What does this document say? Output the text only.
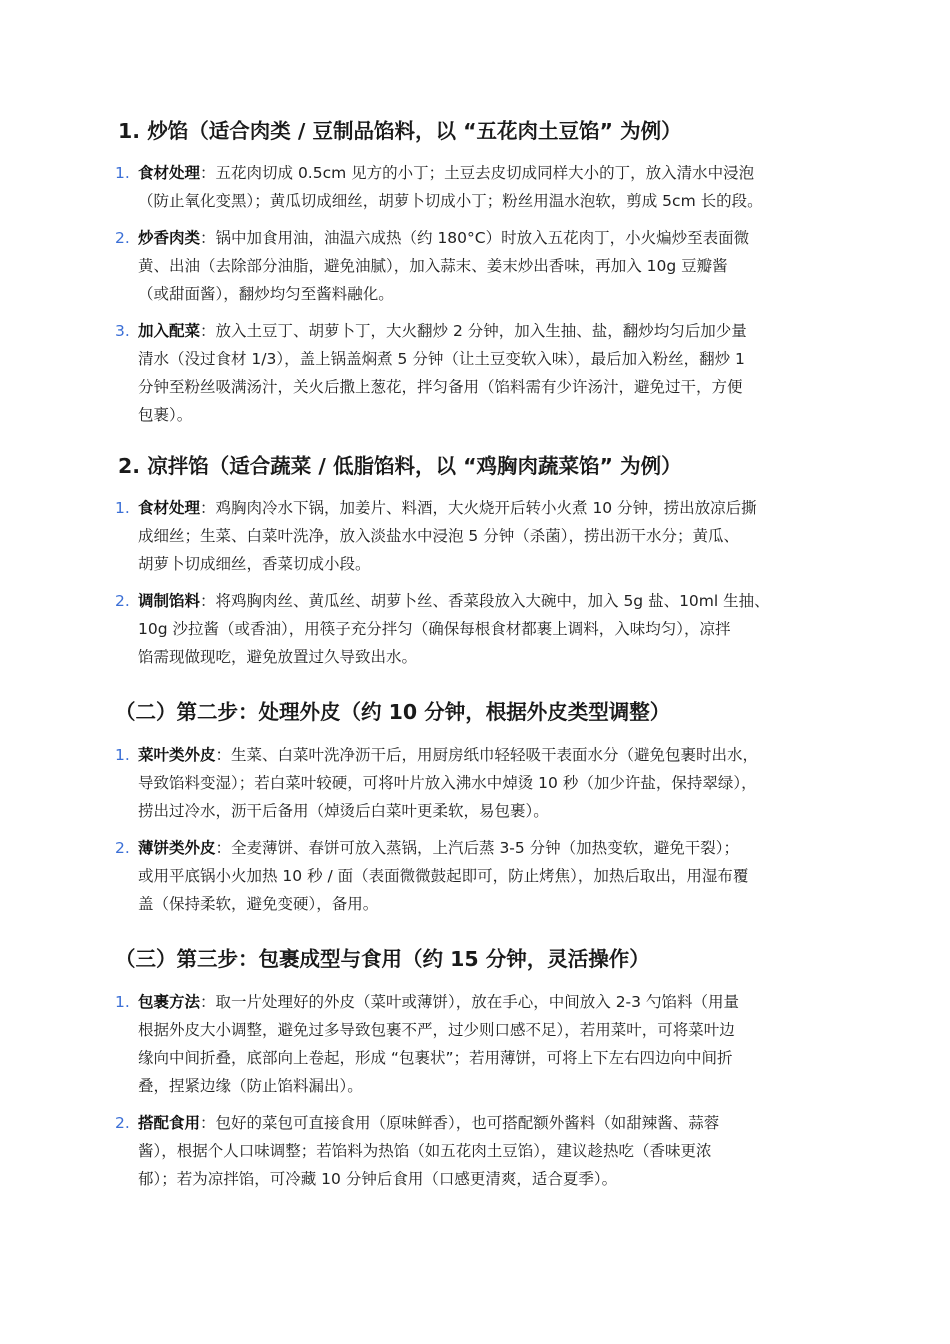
1. 炒馅（适合肉类 / 豆制品馅料，以 “五花肉土豆馅” 为例）
1. 食材处理：五花肉切成 0.5cm 见方的小丁；土豆去皮切成同样大小的丁，放入清水中浸泡
（防止氧化变黑）；黄瓜切成细丝，胡萝卜切成小丁；粉丝用温水泡软，剪成 5cm 长的段。
2. 炒香肉类：锅中加食用油，油温六成热（约 180°C）时放入五花肉丁，小火煸炒至表面微
黄、出油（去除部分油脂，避免油腻），加入蒜末、姜末炒出香味，再加入 10g 豆瓣酱
（或甜面酱），翻炒均匀至酱料融化。
3. 加入配菜：放入土豆丁、胡萝卜丁，大火翻炒 2 分钟，加入生抽、盐，翻炒均匀后加少量
清水（没过食材 1/3），盖上锅盖焖煮 5 分钟（让土豆变软入味），最后加入粉丝，翻炒 1
分钟至粉丝吸满汤汁，关火后撒上葱花，拌匀备用（馅料需有少许汤汁，避免过干，方便
包裹）。
2. 凉拌馅（适合蔬菜 / 低脂馅料，以 “鸡胸肉蔬菜馅” 为例）
1. 食材处理：鸡胸肉冷水下锅，加姜片、料酒，大火烧开后转小火煮 10 分钟，捞出放凉后撕
成细丝；生菜、白菜叶洗净，放入淡盐水中浸泡 5 分钟（杀菌），捞出沥干水分；黄瓜、
胡萝卜切成细丝，香菜切成小段。
2. 调制馅料：将鸡胸肉丝、黄瓜丝、胡萝卜丝、香菜段放入大碗中，加入 5g 盐、10ml 生抽、
10g 沙拉酱（或香油），用筷子充分拌匀（确保每根食材都裹上调料，入味均匀），凉拌
馅需现做现吃，避免放置过久导致出水。
（二）第二步：处理外皮（约 10 分钟，根据外皮类型调整）
1. 菜叶类外皮：生菜、白菜叶洗净沥干后，用厨房纸巾轻轻吸干表面水分（避免包裹时出水，
导致馅料变湿）；若白菜叶较硬，可将叶片放入沸水中焯烫 10 秒（加少许盐，保持翠绿），
捞出过冷水，沥干后备用（焯烫后白菜叶更柔软，易包裹）。
2. 薄饼类外皮：全麦薄饼、春饼可放入蒸锅，上汽后蒸 3-5 分钟（加热变软，避免干裂）；
或用平底锅小火加热 10 秒 / 面（表面微微鼓起即可，防止烤焦），加热后取出，用湿布覆
盖（保持柔软，避免变硬），备用。
（三）第三步：包裹成型与食用（约 15 分钟，灵活操作）
1. 包裹方法：取一片处理好的外皮（菜叶或薄饼），放在手心，中间放入 2-3 勺馅料（用量
根据外皮大小调整，避免过多导致包裹不严，过少则口感不足），若用菜叶，可将菜叶边
缘向中间折叠，底部向上卷起，形成 “包裹状”；若用薄饼，可将上下左右四边向中间折
叠，捏紧边缘（防止馅料漏出）。
2. 搭配食用：包好的菜包可直接食用（原味鲜香），也可搭配额外酱料（如甜辣酱、蒜蓉
酱），根据个人口味调整；若馅料为热馅（如五花肉土豆馅），建议趁热吃（香味更浓
郁）；若为凉拌馅，可冷藏 10 分钟后食用（口感更清爽，适合夏季）。
